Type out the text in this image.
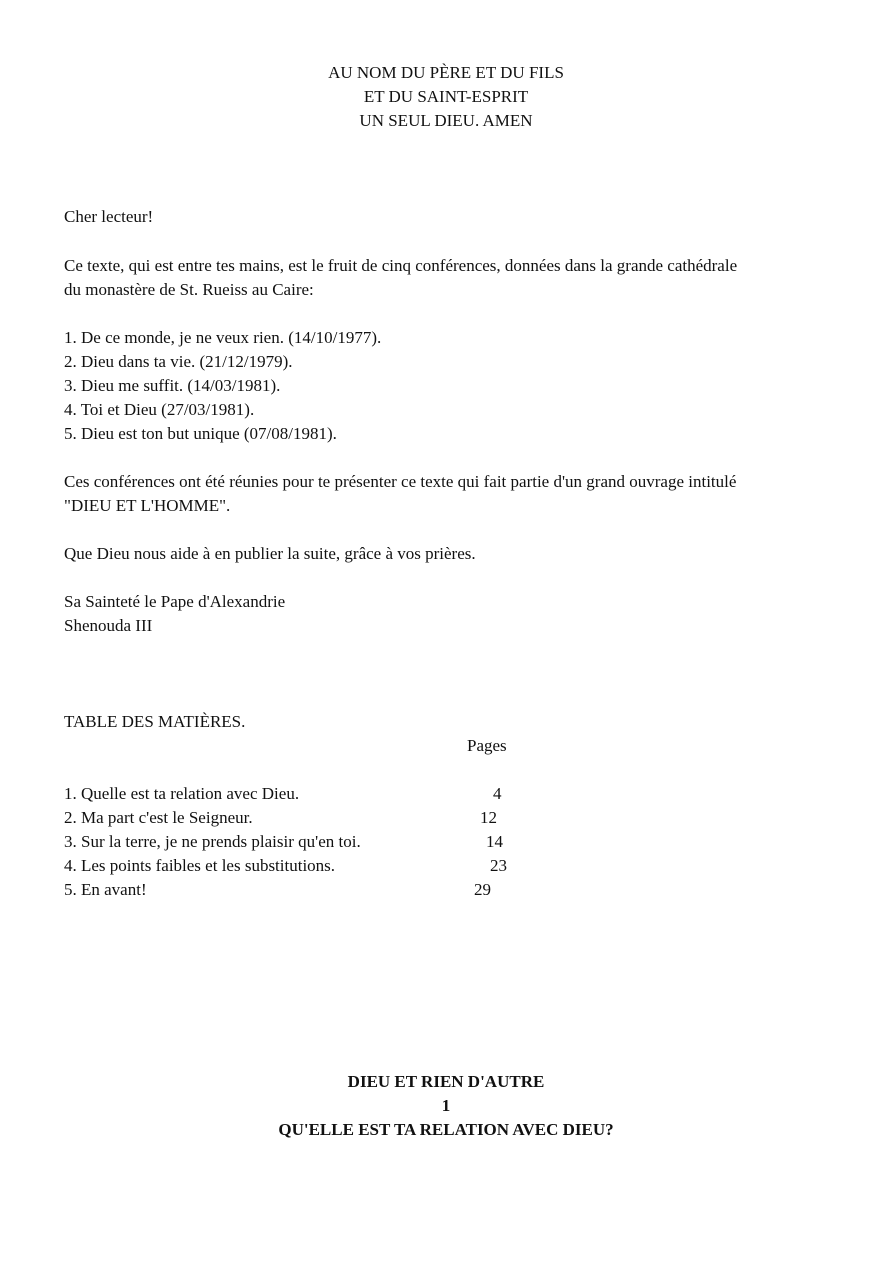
AU NOM DU PÈRE ET DU FILS
ET DU SAINT-ESPRIT
UN SEUL DIEU. AMEN
Cher lecteur!
Ce texte, qui est entre tes mains, est le fruit de cinq conférences, données dans la grande cathédrale
du monastère de St. Rueiss au Caire:
1. De ce monde, je ne veux rien. (14/10/1977).
2. Dieu dans ta vie. (21/12/1979).
3. Dieu me suffit. (14/03/1981).
4. Toi et Dieu (27/03/1981).
5. Dieu est ton but unique (07/08/1981).
Ces conférences ont été réunies pour te présenter ce texte qui fait partie d'un grand ouvrage intitulé
"DIEU ET L'HOMME".
Que Dieu nous aide à en publier la suite, grâce à vos prières.
Sa Sainteté le Pape d'Alexandrie
Shenouda III
TABLE DES MATIÈRES.
Pages
1. Quelle est ta relation avec Dieu.	4
2. Ma part c'est le Seigneur.	12
3. Sur la terre, je ne prends plaisir qu'en toi.	14
4. Les points faibles et les substitutions.	23
5. En avant!	29
DIEU ET RIEN D'AUTRE
1
QU'ELLE EST TA RELATION AVEC DIEU?
